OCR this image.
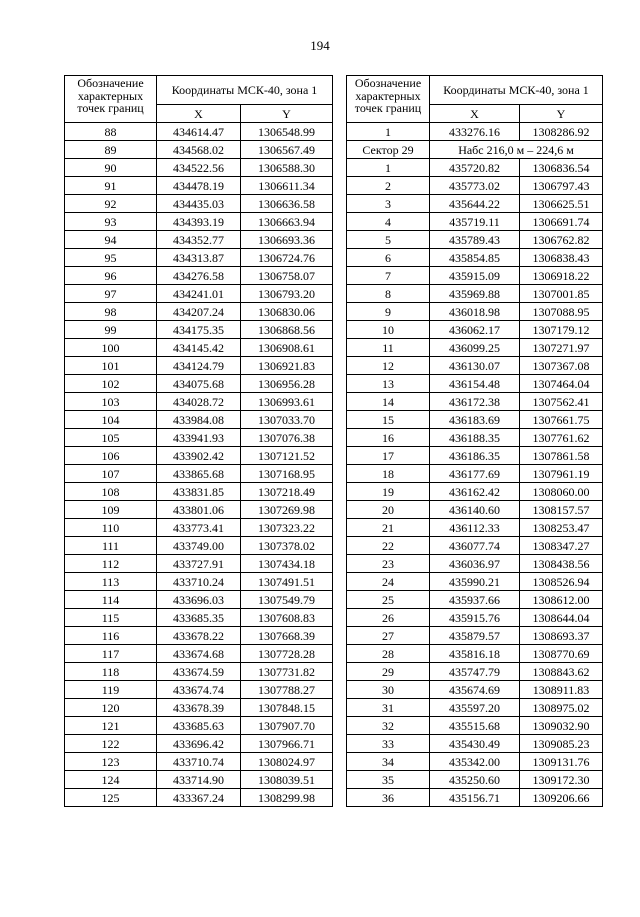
194
Обозначение характерных точек границ	Координаты МСК-40, зона 1	
	X	Y
88	434614.47	1306548.99
89	434568.02	1306567.49
90	434522.56	1306588.30
91	434478.19	1306611.34
92	434435.03	1306636.58
93	434393.19	1306663.94
94	434352.77	1306693.36
95	434313.87	1306724.76
96	434276.58	1306758.07
97	434241.01	1306793.20
98	434207.24	1306830.06
99	434175.35	1306868.56
100	434145.42	1306908.61
101	434124.79	1306921.83
102	434075.68	1306956.28
103	434028.72	1306993.61
104	433984.08	1307033.70
105	433941.93	1307076.38
106	433902.42	1307121.52
107	433865.68	1307168.95
108	433831.85	1307218.49
109	433801.06	1307269.98
110	433773.41	1307323.22
111	433749.00	1307378.02
112	433727.91	1307434.18
113	433710.24	1307491.51
114	433696.03	1307549.79
115	433685.35	1307608.83
116	433678.22	1307668.39
117	433674.68	1307728.28
118	433674.59	1307731.82
119	433674.74	1307788.27
120	433678.39	1307848.15
121	433685.63	1307907.70
122	433696.42	1307966.71
123	433710.74	1308024.97
124	433714.90	1308039.51
125	433367.24	1308299.98
Обозначение характерных точек границ	Координаты МСК-40, зона 1	
	X	Y
1	433276.16	1308286.92
Сектор 29	Набс 216,0 м – 224,6 м	
1	435720.82	1306836.54
2	435773.02	1306797.43
3	435644.22	1306625.51
4	435719.11	1306691.74
5	435789.43	1306762.82
6	435854.85	1306838.43
7	435915.09	1306918.22
8	435969.88	1307001.85
9	436018.98	1307088.95
10	436062.17	1307179.12
11	436099.25	1307271.97
12	436130.07	1307367.08
13	436154.48	1307464.04
14	436172.38	1307562.41
15	436183.69	1307661.75
16	436188.35	1307761.62
17	436186.35	1307861.58
18	436177.69	1307961.19
19	436162.42	1308060.00
20	436140.60	1308157.57
21	436112.33	1308253.47
22	436077.74	1308347.27
23	436036.97	1308438.56
24	435990.21	1308526.94
25	435937.66	1308612.00
26	435915.76	1308644.04
27	435879.57	1308693.37
28	435816.18	1308770.69
29	435747.79	1308843.62
30	435674.69	1308911.83
31	435597.20	1308975.02
32	435515.68	1309032.90
33	435430.49	1309085.23
34	435342.00	1309131.76
35	435250.60	1309172.30
36	435156.71	1309206.66
